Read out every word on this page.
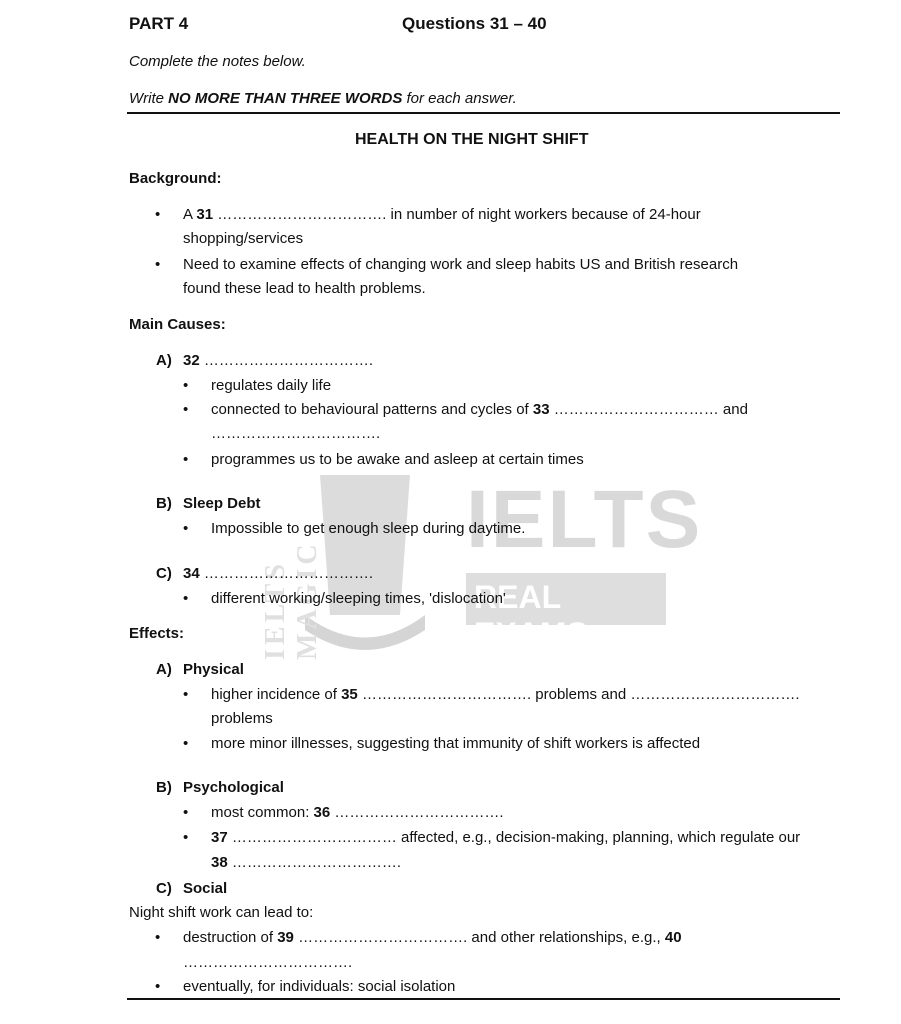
IELTS MAGIC
IELTS
REAL EXAMS
PART 4	Questions 31 – 40
Complete the notes below.
Write NO MORE THAN THREE WORDS for each answer.
HEALTH ON THE NIGHT SHIFT
Background:
• A 31 ……………………………. in number of night workers because of 24-hour
shopping/services
• Need to examine effects of changing work and sleep habits US and British research
found these lead to health problems.
Main Causes:
A) 32 …………………………….
• regulates daily life
• connected to behavioural patterns and cycles of 33 …………………………… and
…………………………….
• programmes us to be awake and asleep at certain times
B) Sleep Debt
• Impossible to get enough sleep during daytime.
C) 34 …………………………….
• different working/sleeping times, 'dislocation'
Effects:
A) Physical
• higher incidence of 35 ……………………………. problems and …………………………….
problems
• more minor illnesses, suggesting that immunity of shift workers is affected
B) Psychological
• most common: 36 …………………………….
• 37 …………………………… affected, e.g., decision-making, planning, which regulate our
38 …………………………….
C) Social
Night shift work can lead to:
• destruction of 39 ……………………………. and other relationships, e.g., 40
…………………………….
• eventually, for individuals: social isolation
